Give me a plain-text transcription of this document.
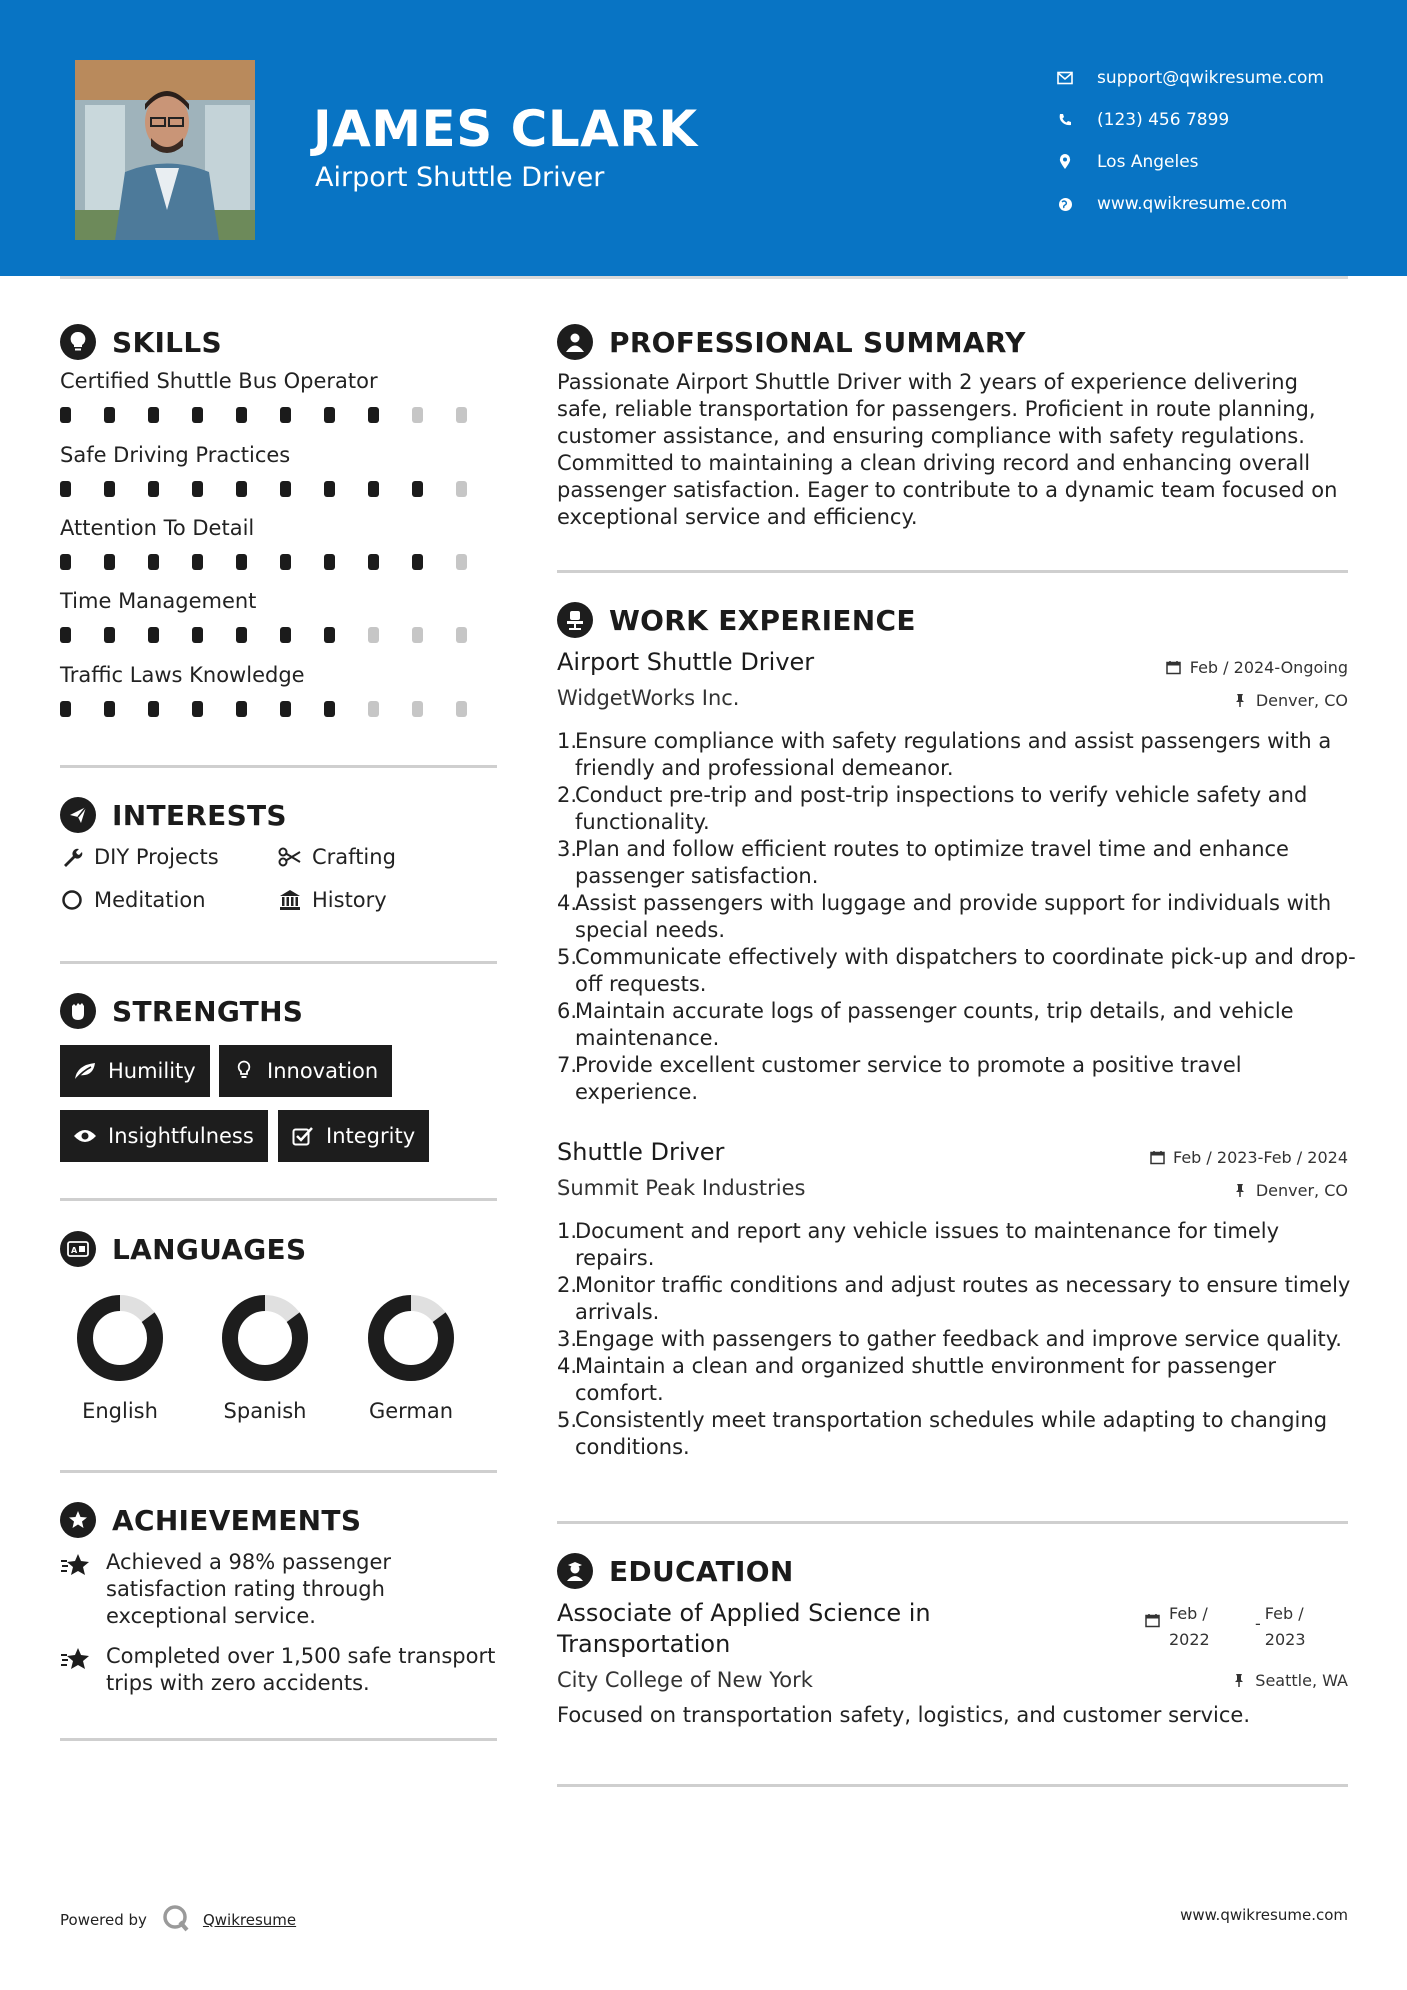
JAMES CLARK
Airport Shuttle Driver
support@qwikresume.com
(123) 456 7899
Los Angeles
www.qwikresume.com
SKILLS
Certified Shuttle Bus Operator
Safe Driving Practices
Attention To Detail
Time Management
Traffic Laws Knowledge
INTERESTS
DIY Projects	Crafting
Meditation	History
STRENGTHS
Humility	Innovation
Insightfulness	Integrity
A LANGUAGES
English	Spanish	German
ACHIEVEMENTS
Achieved a 98% passenger satisfaction rating through exceptional service.
Completed over 1,500 safe transport trips with zero accidents.
PROFESSIONAL SUMMARY
Passionate Airport Shuttle Driver with 2 years of experience delivering safe, reliable transportation for passengers. Proficient in route planning, customer assistance, and ensuring compliance with safety regulations. Committed to maintaining a clean driving record and enhancing overall passenger satisfaction. Eager to contribute to a dynamic team focused on exceptional service and efficiency.
WORK EXPERIENCE
Airport Shuttle Driver	Feb / 2024-Ongoing
WidgetWorks Inc.	Denver, CO
1.
Ensure compliance with safety regulations and assist passengers with a friendly and professional demeanor.
2.
Conduct pre-trip and post-trip inspections to verify vehicle safety and functionality.
3.
Plan and follow efficient routes to optimize travel time and enhance passenger satisfaction.
4.
Assist passengers with luggage and provide support for individuals with special needs.
5.
Communicate effectively with dispatchers to coordinate pick-up and drop-off requests.
6.
Maintain accurate logs of passenger counts, trip details, and vehicle maintenance.
7.
Provide excellent customer service to promote a positive travel experience.
Shuttle Driver	Feb / 2023-Feb / 2024
Summit Peak Industries	Denver, CO
1.
Document and report any vehicle issues to maintenance for timely repairs.
2.
Monitor traffic conditions and adjust routes as necessary to ensure timely arrivals.
3.
Engage with passengers to gather feedback and improve service quality.
4.
Maintain a clean and organized shuttle environment for passenger comfort.
5.
Consistently meet transportation schedules while adapting to changing conditions.
EDUCATION
Associate of Applied Science in Transportation
Feb / 2022
-
Feb / 2023
City College of New York	Seattle, WA
Focused on transportation safety, logistics, and customer service.
Powered by	Qwikresume	www.qwikresume.com
